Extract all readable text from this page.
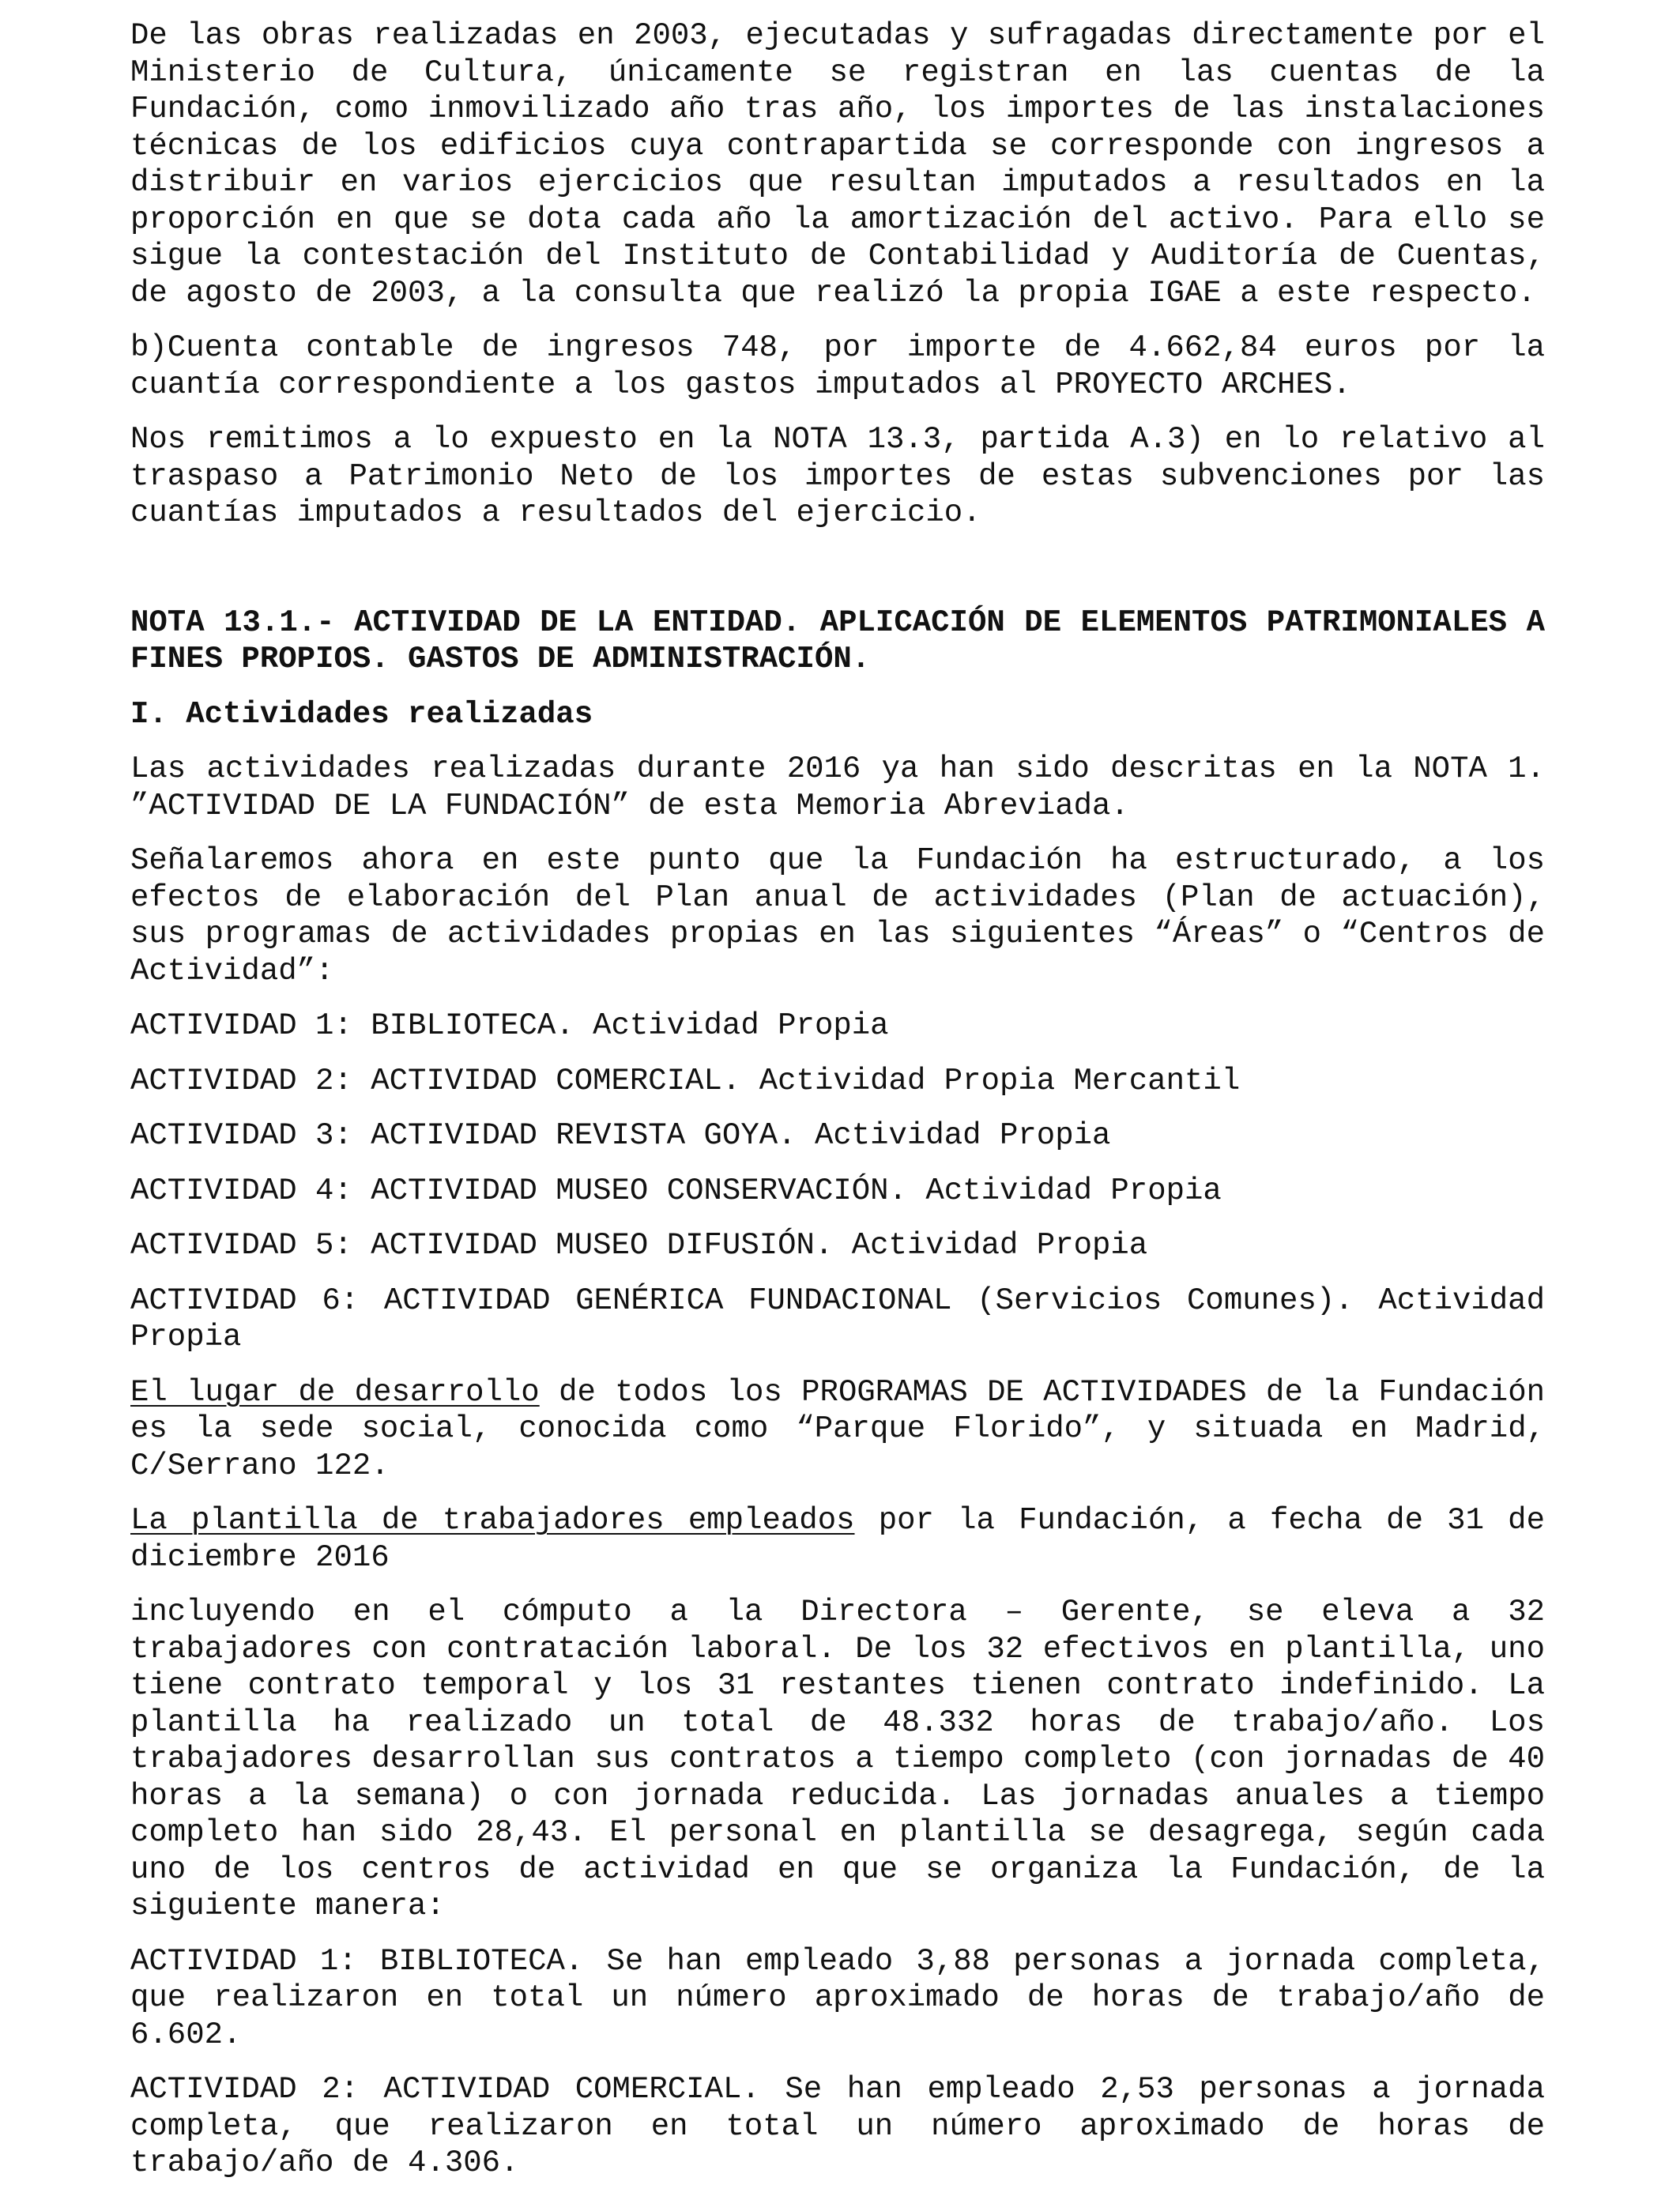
De las obras realizadas en 2003, ejecutadas y sufragadas directamente por el Ministerio de Cultura, únicamente se registran en las cuentas de la Fundación, como inmovilizado año tras año, los importes de las instalaciones técnicas de los edificios cuya contrapartida se corresponde con ingresos a distribuir en varios ejercicios que resultan imputados a resultados en la proporción en que se dota cada año la amortización del activo. Para ello se sigue la contestación del Instituto de Contabilidad y Auditoría de Cuentas, de agosto de 2003, a la consulta que realizó la propia IGAE a este respecto.

b)Cuenta contable de ingresos 748, por importe de 4.662,84 euros por la cuantía correspondiente a los gastos imputados al PROYECTO ARCHES.

Nos remitimos a lo expuesto en la NOTA 13.3, partida A.3) en lo relativo al traspaso a Patrimonio Neto de los importes de estas subvenciones por las cuantías imputados a resultados del ejercicio.

NOTA 13.1.- ACTIVIDAD DE LA ENTIDAD. APLICACIÓN DE ELEMENTOS PATRIMONIALES A FINES PROPIOS. GASTOS DE ADMINISTRACIÓN.

I. Actividades realizadas

Las actividades realizadas durante 2016 ya han sido descritas en la NOTA 1. ”ACTIVIDAD DE LA FUNDACIÓN” de esta Memoria Abreviada.

Señalaremos ahora en este punto que la Fundación ha estructurado, a los efectos de elaboración del Plan anual de actividades (Plan de actuación), sus programas de actividades propias en las siguientes “Áreas” o “Centros de Actividad”:

ACTIVIDAD 1: BIBLIOTECA. Actividad Propia

ACTIVIDAD 2: ACTIVIDAD COMERCIAL. Actividad Propia Mercantil

ACTIVIDAD 3: ACTIVIDAD REVISTA GOYA. Actividad Propia

ACTIVIDAD 4: ACTIVIDAD MUSEO CONSERVACIÓN. Actividad Propia

ACTIVIDAD 5: ACTIVIDAD MUSEO DIFUSIÓN. Actividad Propia

ACTIVIDAD 6: ACTIVIDAD GENÉRICA FUNDACIONAL (Servicios Comunes). Actividad Propia

El lugar de desarrollo de todos los PROGRAMAS DE ACTIVIDADES de la Fundación es la sede social, conocida como “Parque Florido”, y situada en Madrid, C/Serrano 122.

La plantilla de trabajadores empleados por la Fundación, a fecha de 31 de diciembre 2016

incluyendo en el cómputo a la Directora – Gerente, se eleva a 32 trabajadores con contratación laboral. De los 32 efectivos en plantilla, uno tiene contrato temporal y los 31 restantes tienen contrato indefinido. La plantilla ha realizado un total de 48.332 horas de trabajo/año. Los trabajadores desarrollan sus contratos a tiempo completo (con jornadas de 40 horas a la semana) o con jornada reducida. Las jornadas anuales a tiempo completo han sido 28,43. El personal en plantilla se desagrega, según cada uno de los centros de actividad en que se organiza la Fundación, de la siguiente manera:

ACTIVIDAD 1: BIBLIOTECA. Se han empleado 3,88 personas a jornada completa, que realizaron en total un número aproximado de horas de trabajo/año de 6.602.

ACTIVIDAD 2: ACTIVIDAD COMERCIAL. Se han empleado 2,53 personas a jornada completa, que realizaron en total un número aproximado de horas de trabajo/año de 4.306.
